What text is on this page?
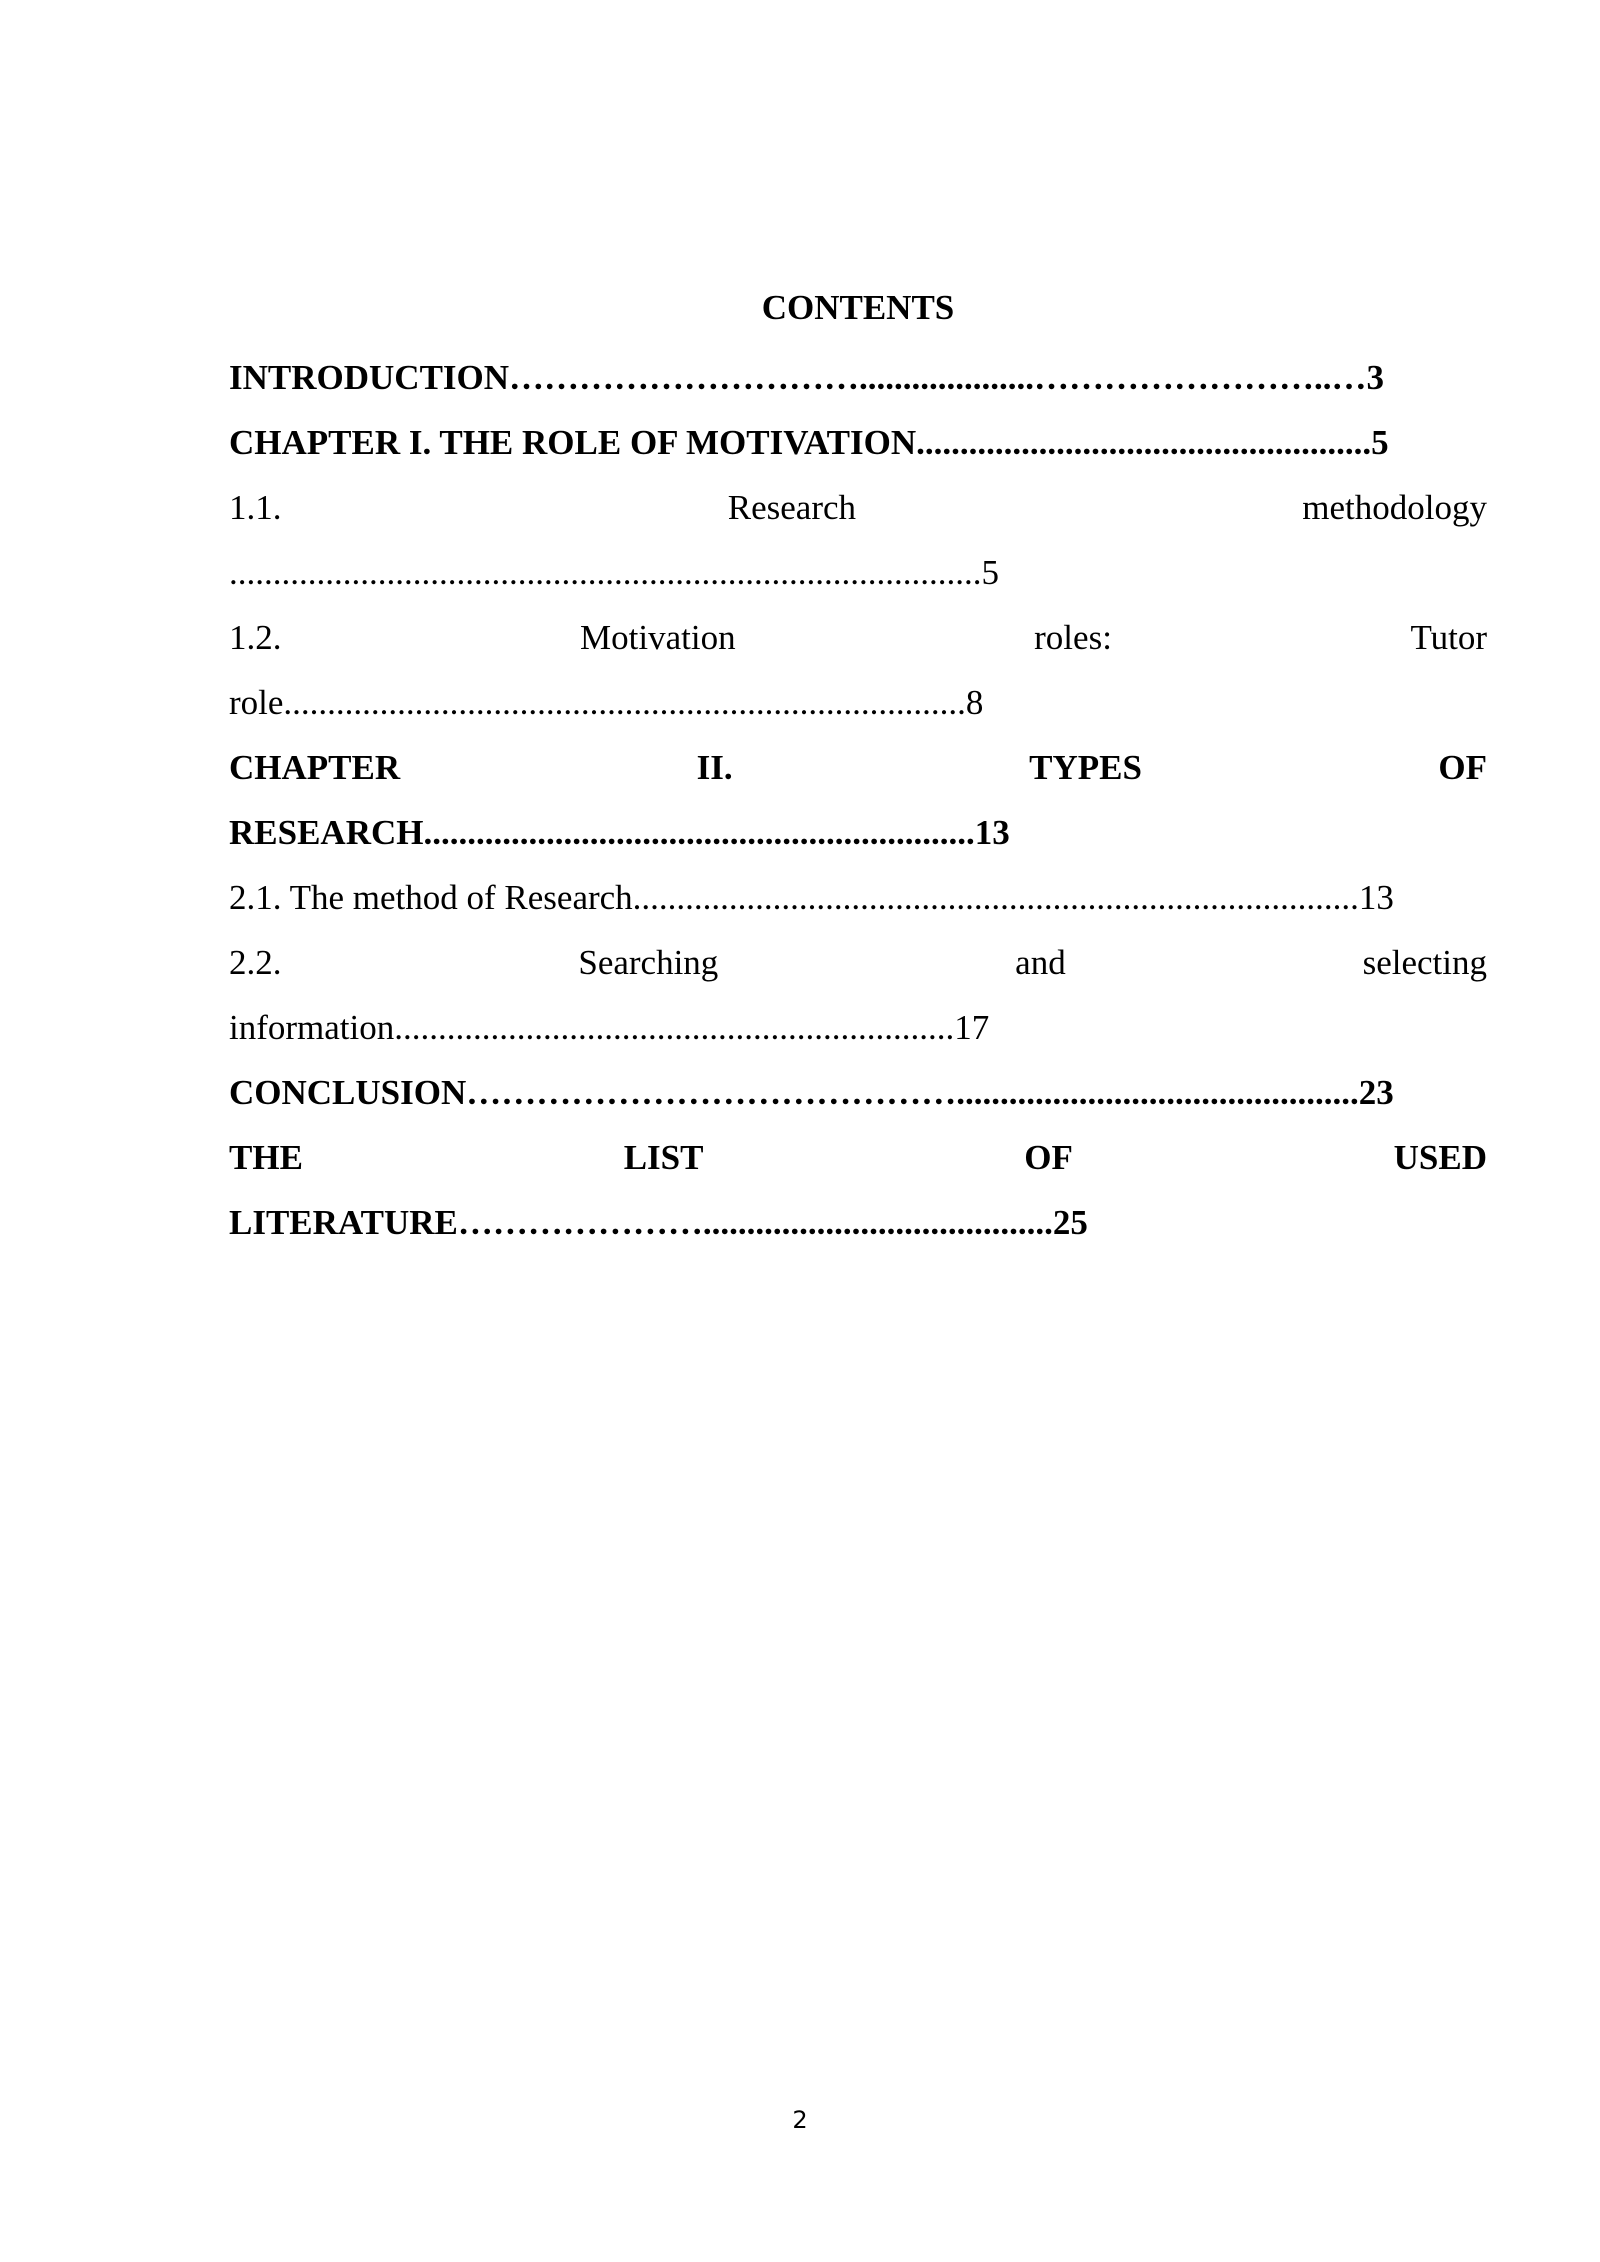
CONTENTS
INTRODUCTION…………………………....................……………………..…3
CHAPTER I. THE ROLE OF MOTIVATION....................................................5
1.1.	Research	methodology
......................................................................................5
1.2.	Motivation	roles:	Tutor
role..............................................................................8
CHAPTER	II.	TYPES	OF
RESEARCH...............................................................13
2.1. The method of Research...................................................................................13
2.2.	Searching	and	selecting
information................................................................17
CONCLUSION……………………………………..............................................23
THE	LIST	OF	USED
LITERATURE…………………........................................25
2
